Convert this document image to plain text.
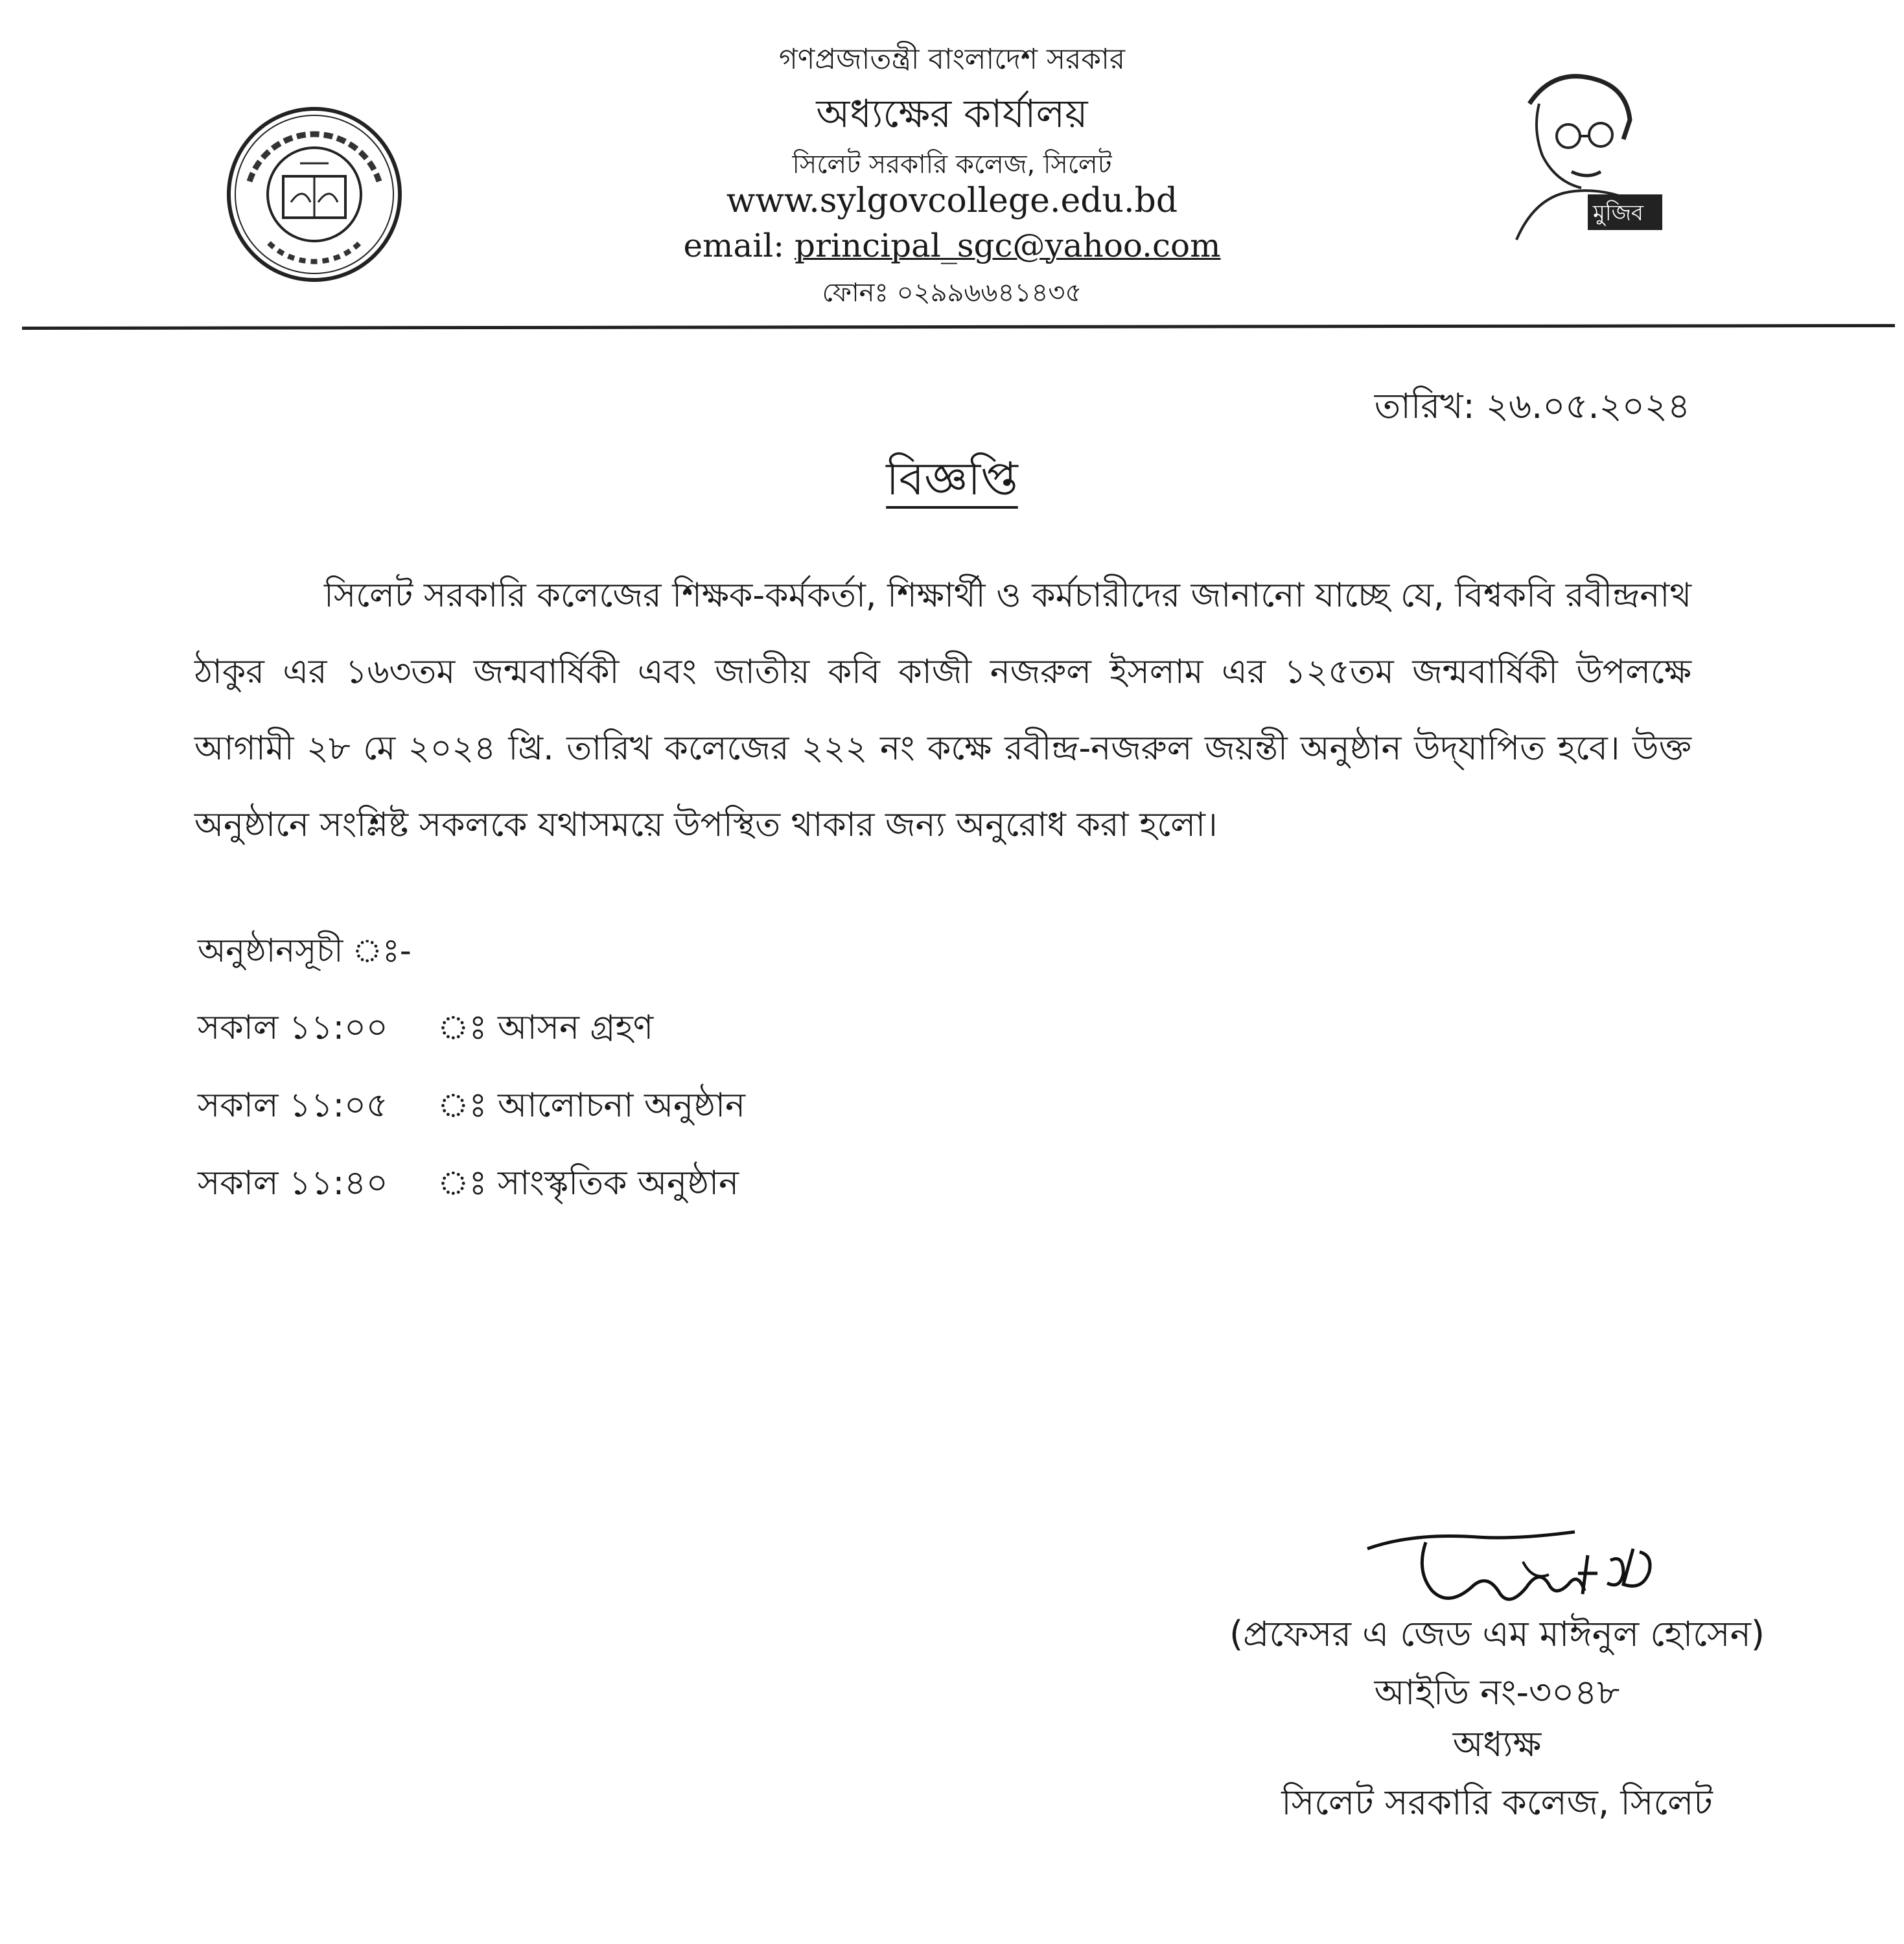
গণপ্রজাতন্ত্রী বাংলাদেশ সরকার
অধ্যক্ষের কার্যালয়
সিলেট সরকারি কলেজ, সিলেট
www.sylgovcollege.edu.bd
email: principal_sgc@yahoo.com
ফোনঃ ০২৯৯৬৬৪১৪৩৫
মুজিব
তারিখ: ২৬.০৫.২০২৪
বিজ্ঞপ্তি
সিলেট সরকারি কলেজের শিক্ষক-কর্মকর্তা, শিক্ষার্থী ও কর্মচারীদের জানানো যাচ্ছে যে, বিশ্বকবি রবীন্দ্রনাথ ঠাকুর এর ১৬৩তম জন্মবার্ষিকী এবং জাতীয় কবি কাজী নজরুল ইসলাম এর ১২৫তম জন্মবার্ষিকী উপলক্ষে আগামী ২৮ মে ২০২৪ খ্রি. তারিখ কলেজের ২২২ নং কক্ষে রবীন্দ্র-নজরুল জয়ন্তী অনুষ্ঠান উদ্‌যাপিত হবে। উক্ত অনুষ্ঠানে সংশ্লিষ্ট সকলকে যথাসময়ে উপস্থিত থাকার জন্য অনুরোধ করা হলো।
অনুষ্ঠানসূচী ঃ-
সকাল ১১:০০ ঃ আসন গ্রহণ
সকাল ১১:০৫ ঃ আলোচনা অনুষ্ঠান
সকাল ১১:৪০ ঃ সাংস্কৃতিক অনুষ্ঠান
(প্রফেসর এ জেড এম মাঈনুল হোসেন)
আইডি নং-৩০৪৮
অধ্যক্ষ
সিলেট সরকারি কলেজ, সিলেট
